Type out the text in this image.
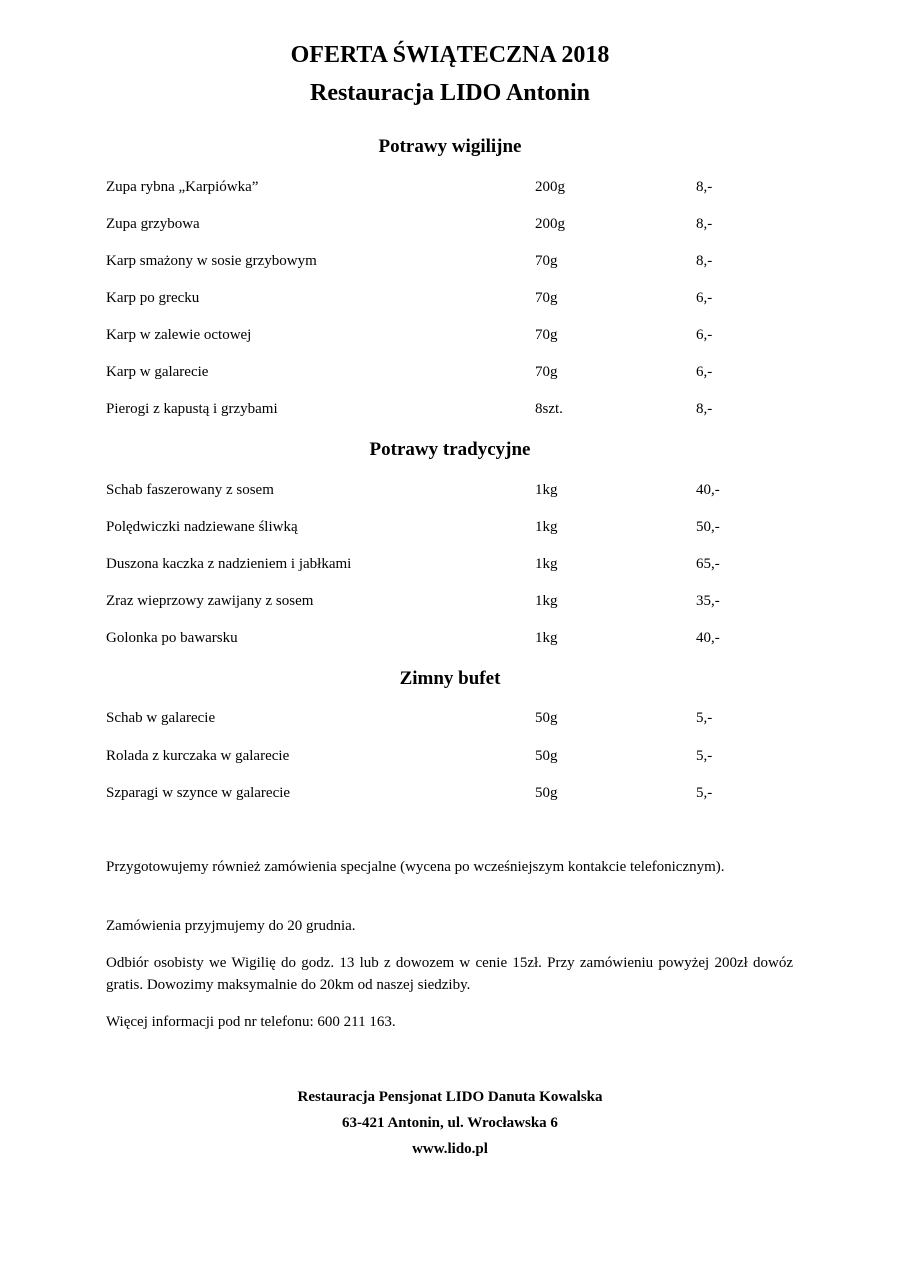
OFERTA ŚWIĄTECZNA 2018
Restauracja LIDO Antonin
Potrawy wigilijne
Zupa rybna „Karpiówka”	200g	8,-
Zupa grzybowa	200g	8,-
Karp smażony w sosie grzybowym	70g	8,-
Karp po grecku	70g	6,-
Karp w zalewie octowej	70g	6,-
Karp w galarecie	70g	6,-
Pierogi z kapustą i grzybami	8szt.	8,-
Potrawy tradycyjne
Schab faszerowany z sosem	1kg	40,-
Polędwiczki nadziewane śliwką	1kg	50,-
Duszona kaczka z nadzieniem i jabłkami	1kg	65,-
Zraz wieprzowy zawijany z sosem	1kg	35,-
Golonka po bawarsku	1kg	40,-
Zimny bufet
Schab w galarecie	50g	5,-
Rolada z kurczaka w galarecie	50g	5,-
Szparagi w szynce w galarecie	50g	5,-

Przygotowujemy również zamówienia specjalne (wycena po wcześniejszym kontakcie telefonicznym).

Zamówienia przyjmujemy do 20 grudnia.

Odbiór osobisty we Wigilię do godz. 13 lub z dowozem w cenie 15zł. Przy zamówieniu powyżej 200zł dowóz gratis. Dowozimy maksymalnie do 20km od naszej siedziby.

Więcej informacji pod nr telefonu: 600 211 163.

Restauracja Pensjonat LIDO Danuta Kowalska

63-421 Antonin, ul. Wrocławska 6

www.lido.pl
